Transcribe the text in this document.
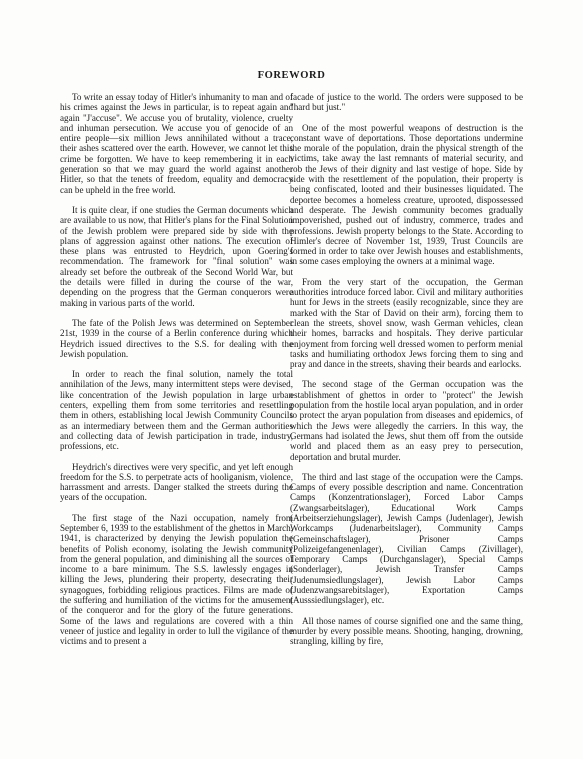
FOREWORD

To write an essay today of Hitler's inhumanity to man and of his crimes against the Jews in particular, is to repeat again and again "J'accuse". We accuse you of brutality, violence, cruelty and inhuman persecution. We accuse you of genocide of an entire people—six million Jews annihilated without a trace, their ashes scattered over the earth. However, we cannot let this crime be forgotten. We have to keep remembering it in each generation so that we may guard the world against another Hitler, so that the tenets of freedom, equality and democracy can be upheld in the free world.

It is quite clear, if one studies the German documents which are available to us now, that Hitler's plans for the Final Solution of the Jewish problem were prepared side by side with the plans of aggression against other nations. The execution of these plans was entrusted to Heydrich, upon Goering's recommendation. The framework for "final solution" was already set before the outbreak of the Second World War, but the details were filled in during the course of the war, depending on the progress that the German conquerors were making in various parts of the world.

The fate of the Polish Jews was determined on September 21st, 1939 in the course of a Berlin conference during which Heydrich issued directives to the S.S. for dealing with the Jewish population.

In order to reach the final solution, namely the total annihilation of the Jews, many intermittent steps were devised, like concentration of the Jewish population in large urban centers, expelling them from some territories and resettling them in others, establishing local Jewish Community Councils as an intermediary between them and the German authorities and collecting data of Jewish participation in trade, industry, professions, etc.

Heydrich's directives were very specific, and yet left enough freedom for the S.S. to perpetrate acts of hooliganism, violence, harrassment and arrests. Danger stalked the streets during the years of the occupation.

The first stage of the Nazi occupation, namely from September 6, 1939 to the establishment of the ghettos in March, 1941, is characterized by denying the Jewish population the benefits of Polish economy, isolating the Jewish community from the general population, and diminishing all the sources of income to a bare minimum. The S.S. lawlessly engages in killing the Jews, plundering their property, desecrating their synagogues, forbidding religious practices. Films are made of the suffering and humiliation of the victims for the amusement of the conqueror and for the glory of the future generations. Some of the laws and regulations are covered with a thin veneer of justice and legality in order to lull the vigilance of the victims and to present a

facade of justice to the world. The orders were supposed to be "hard but just."

One of the most powerful weapons of destruction is the constant wave of deportations. Those deportations undermine the morale of the population, drain the physical strength of the victims, take away the last remnants of material security, and rob the Jews of their dignity and last vestige of hope. Side by side with the resettlement of the population, their property is being confiscated, looted and their businesses liquidated. The deportee becomes a homeless creature, uprooted, dispossessed and desperate. The Jewish community becomes gradually impoverished, pushed out of industry, commerce, trades and professions. Jewish property belongs to the State. According to Himler's decree of November 1st, 1939, Trust Councils are formed in order to take over Jewish houses and establishments, in some cases employing the owners at a minimal wage.

From the very start of the occupation, the German authorities introduce forced labor. Civil and military authorities hunt for Jews in the streets (easily recognizable, since they are marked with the Star of David on their arm), forcing them to clean the streets, shovel snow, wash German vehicles, clean their homes, barracks and hospitals. They derive particular enjoyment from forcing well dressed women to perform menial tasks and humiliating orthodox Jews forcing them to sing and pray and dance in the streets, shaving their beards and earlocks.

The second stage of the German occupation was the establishment of ghettos in order to "protect" the Jewish population from the hostile local aryan population, and in order to protect the aryan population from diseases and epidemics, of which the Jews were allegedly the carriers. In this way, the Germans had isolated the Jews, shut them off from the outside world and placed them as an easy prey to persecution, deportation and brutal murder.

The third and last stage of the occupation were the Camps. Camps of every possible description and name. Concentration Camps (Konzentrationslager), Forced Labor Camps (Zwangsarbeitslager), Educational Work Camps (Arbeitserziehungslager), Jewish Camps (Judenlager), Jewish Workcamps (Judenarbeitslager), Community Camps (Gemeinschaftslager), Prisoner Camps (Polizeigefangenenlager), Civilian Camps (Zivillager), Temporary Camps (Durchganslager), Special Camps (Sonderlager), Jewish Transfer Camps (Judenumsiedlungslager), Jewish Labor Camps (Judenzwangsarebitslager), Exportation Camps (Ausssiedlungslager), etc.

All those names of course signified one and the same thing, murder by every possible means. Shooting, hanging, drowning, strangling, killing by fire,
